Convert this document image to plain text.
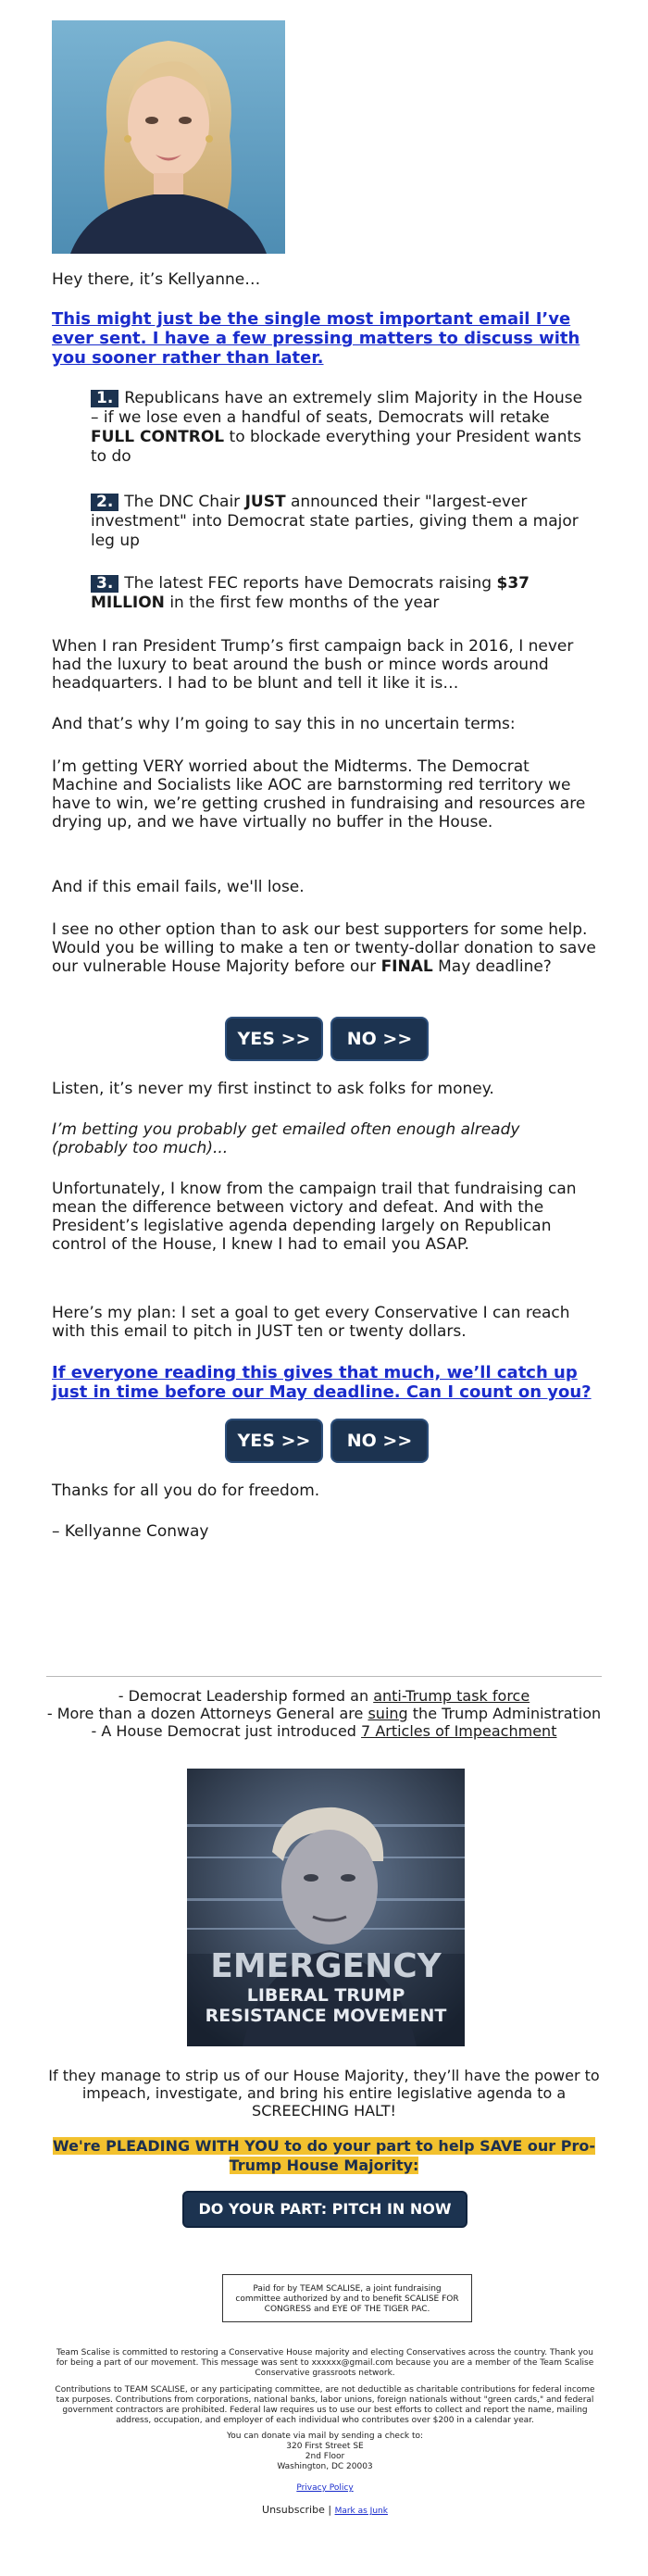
Hey there, it’s Kellyanne…

This might just be the single most important email I’ve ever sent. I have a few pressing matters to discuss with you sooner rather than later.
1. Republicans have an extremely slim Majority in the House – if we lose even a handful of seats, Democrats will retake FULL CONTROL to blockade everything your President wants to do
2. The DNC Chair JUST announced their "largest-ever investment" into Democrat state parties, giving them a major leg up
3. The latest FEC reports have Democrats raising $37 MILLION in the first few months of the year

When I ran President Trump’s first campaign back in 2016, I never had the luxury to beat around the bush or mince words around headquarters. I had to be blunt and tell it like it is…

And that’s why I’m going to say this in no uncertain terms:

I’m getting VERY worried about the Midterms. The Democrat Machine and Socialists like AOC are barnstorming red territory we have to win, we’re getting crushed in fundraising and resources are drying up, and we have virtually no buffer in the House.

And if this email fails, we'll lose.

I see no other option than to ask our best supporters for some help. Would you be willing to make a ten or twenty-dollar donation to save our vulnerable House Majority before our FINAL May deadline?

YES >>	NO >>

Listen, it’s never my first instinct to ask folks for money.

I’m betting you probably get emailed often enough already (probably too much)...

Unfortunately, I know from the campaign trail that fundraising can mean the difference between victory and defeat. And with the President’s legislative agenda depending largely on Republican control of the House, I knew I had to email you ASAP.

Here’s my plan: I set a goal to get every Conservative I can reach with this email to pitch in JUST ten or twenty dollars.

If everyone reading this gives that much, we’ll catch up just in time before our May deadline. Can I count on you?
YES >>	NO >>

Thanks for all you do for freedom.

– Kellyanne Conway

- Democrat Leadership formed an anti-Trump task force
- More than a dozen Attorneys General are suing the Trump Administration
- A House Democrat just introduced 7 Articles of Impeachment
EMERGENCY
LIBERAL TRUMP
RESISTANCE MOVEMENT

If they manage to strip us of our House Majority, they’ll have the power to impeach, investigate, and bring his entire legislative agenda to a SCREECHING HALT!

We're PLEADING WITH YOU to do your part to help SAVE our Pro-Trump House Majority:
DO YOUR PART: PITCH IN NOW
Paid for by TEAM SCALISE, a joint fundraising committee authorized by and to benefit SCALISE FOR CONGRESS and EYE OF THE TIGER PAC.

Team Scalise is committed to restoring a Conservative House majority and electing Conservatives across the country. Thank you for being a part of our movement. This message was sent to xxxxxx@gmail.com because you are a member of the Team Scalise Conservative grassroots network.

Contributions to TEAM SCALISE, or any participating committee, are not deductible as charitable contributions for federal income tax purposes. Contributions from corporations, national banks, labor unions, foreign nationals without "green cards," and federal government contractors are prohibited. Federal law requires us to use our best efforts to collect and report the name, mailing address, occupation, and employer of each individual who contributes over $200 in a calendar year.

You can donate via mail by sending a check to:

320 First Street SE

2nd Floor

Washington, DC 20003

Privacy Policy

Unsubscribe | Mark as Junk
